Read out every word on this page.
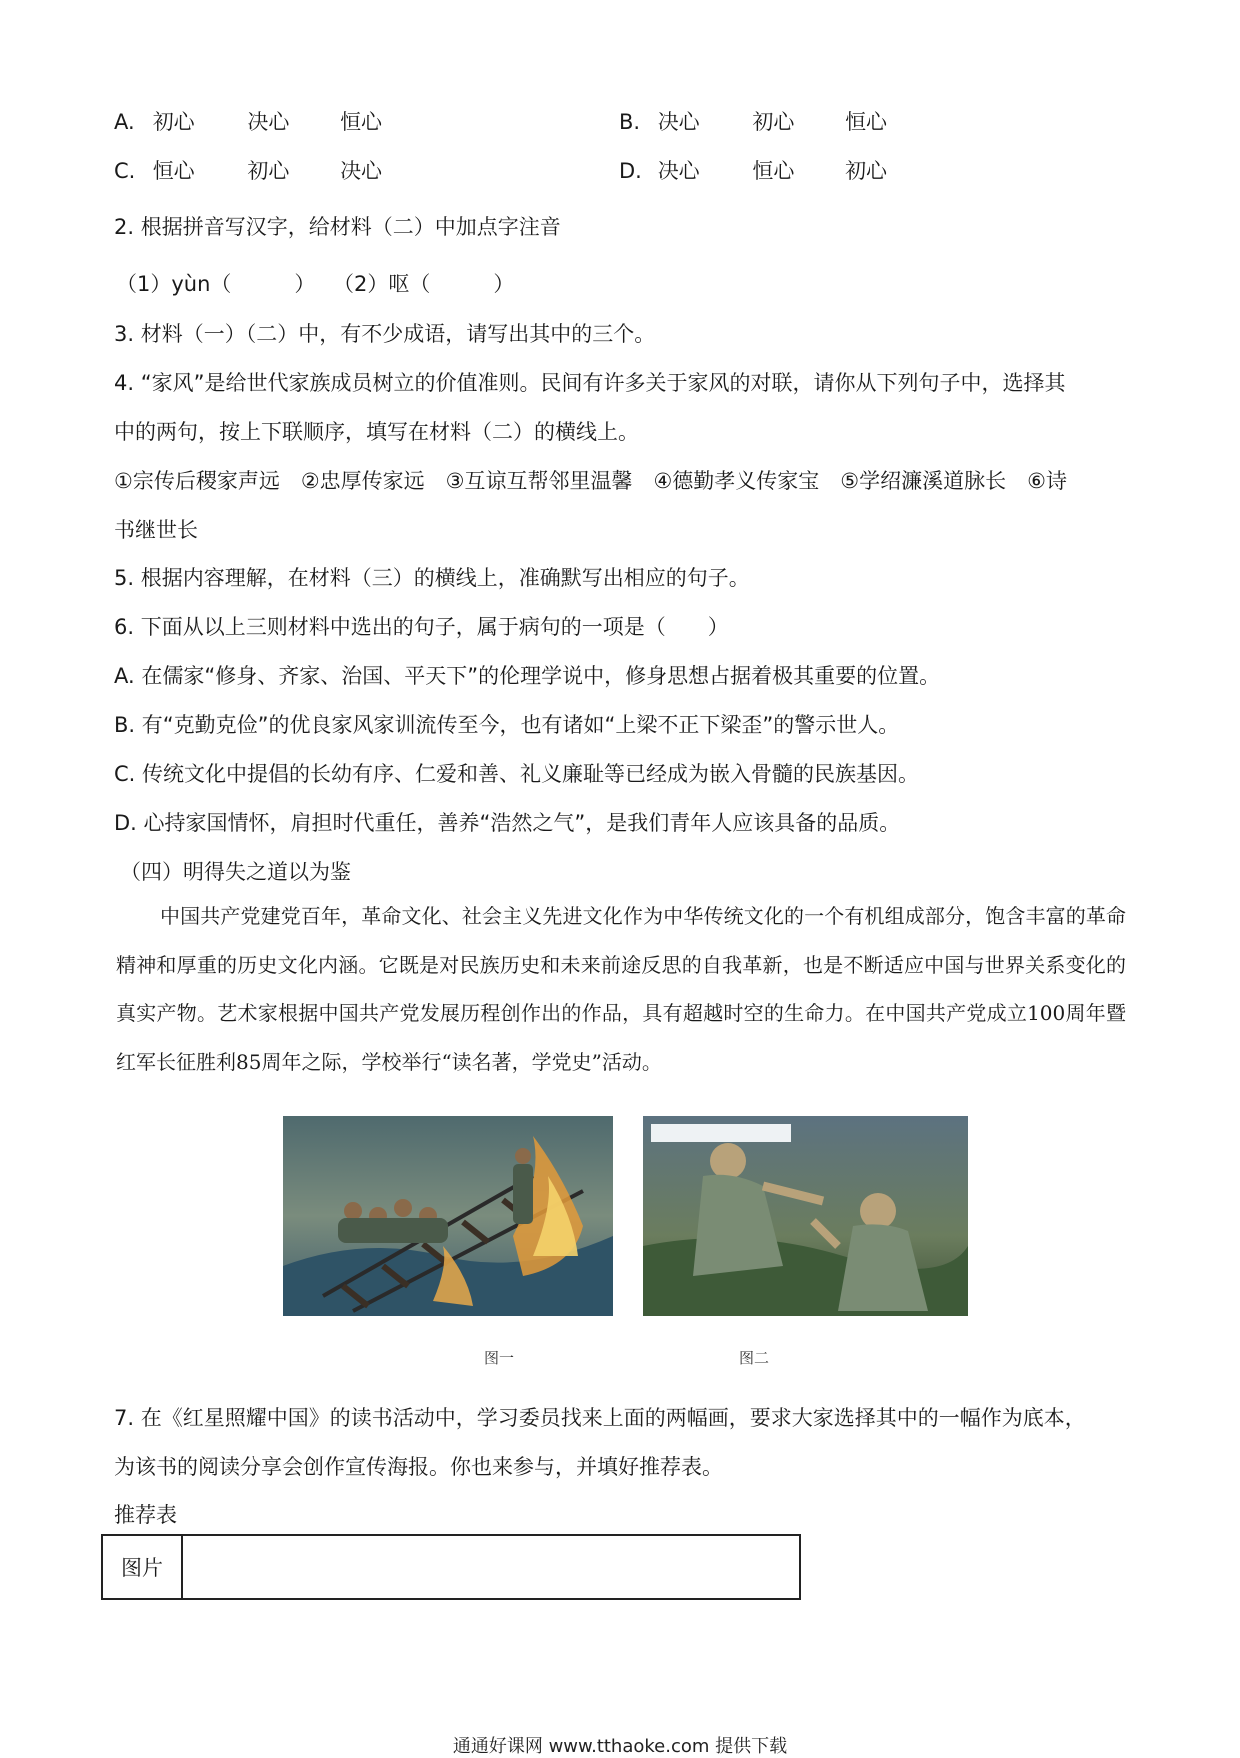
A. 初心	决心 恒心	B. 决心	初心 恒心
C. 恒心	初心 决心	D. 决心	恒心 初心
2. 根据拼音写汉字，给材料（二）中加点字注音
（1）yùn（　　　） （2）呕（　　　）
3. 材料（一）（二）中，有不少成语，请写出其中的三个。
4. “家风”是给世代家族成员树立的价值准则。民间有许多关于家风的对联，请你从下列句子中，选择其
中的两句，按上下联顺序，填写在材料（二）的横线上。
①宗传后稷家声远　②忠厚传家远　③互谅互帮邻里温馨　④德勤孝义传家宝　⑤学绍濂溪道脉长　⑥诗
书继世长
5. 根据内容理解，在材料（三）的横线上，准确默写出相应的句子。
6. 下面从以上三则材料中选出的句子，属于病句的一项是（　　）
A. 在儒家“修身、齐家、治国、平天下”的伦理学说中，修身思想占据着极其重要的位置。
B. 有“克勤克俭”的优良家风家训流传至今，也有诸如“上梁不正下梁歪”的警示世人。
C. 传统文化中提倡的长幼有序、仁爱和善、礼义廉耻等已经成为嵌入骨髓的民族基因。
D. 心持家国情怀，肩担时代重任，善养“浩然之气”，是我们青年人应该具备的品质。
（四）明得失之道以为鉴
中国共产党建党百年，革命文化、社会主义先进文化作为中华传统文化的一个有机组成部分，饱含丰富的革命精神和厚重的历史文化内涵。它既是对民族历史和未来前途反思的自我革新，也是不断适应中国与世界关系变化的真实产物。艺术家根据中国共产党发展历程创作出的作品，具有超越时空的生命力。在中国共产党成立100周年暨红军长征胜利85周年之际，学校举行“读名著，学党史”活动。
图一	图二
7. 在《红星照耀中国》的读书活动中，学习委员找来上面的两幅画，要求大家选择其中的一幅作为底本，
为该书的阅读分享会创作宣传海报。你也来参与，并填好推荐表。
推荐表
图片
通通好课网 www.tthaoke.com 提供下载
